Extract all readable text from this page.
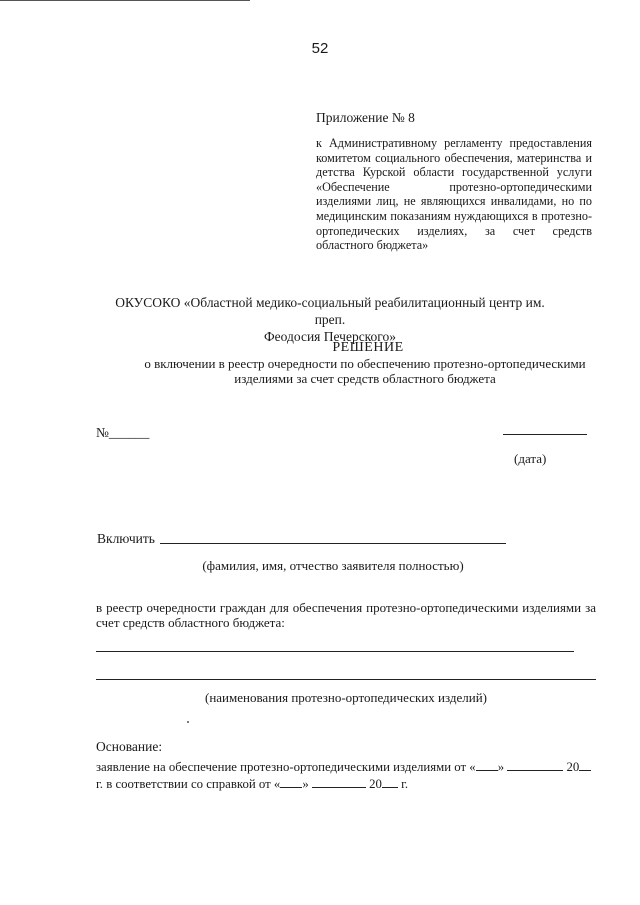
52
Приложение № 8
к Административному регламенту предоставления комитетом социального обеспечения, материнства и детства Курской области государственной услуги «Обеспечение	протезно-ортопедическими изделиями лиц, не являющихся инвалидами, но по медицинским показаниям нуждающихся в протезно- ортопедических изделиях, за счет средств
областного бюджета»
ОКУСОКО «Областной медико-социальный реабилитационный центр им. преп.
Феодосия Печерского»
РЕШЕНИЕ
о включении в реестр очередности по обеспечению протезно-ортопедическими
изделиями за счет средств областного бюджета
№______
(дата)
Включить
(фамилия, имя, отчество заявителя полностью)
в реестр очередности граждан для обеспечения протезно-ортопедическими изделиями за счет средств областного бюджета:
(наименования протезно-ортопедических изделий)
Основание:
заявление на обеспечение протезно-ортопедическими изделиями от « »	20
г. в соответствии со справкой от « »	20 г.
